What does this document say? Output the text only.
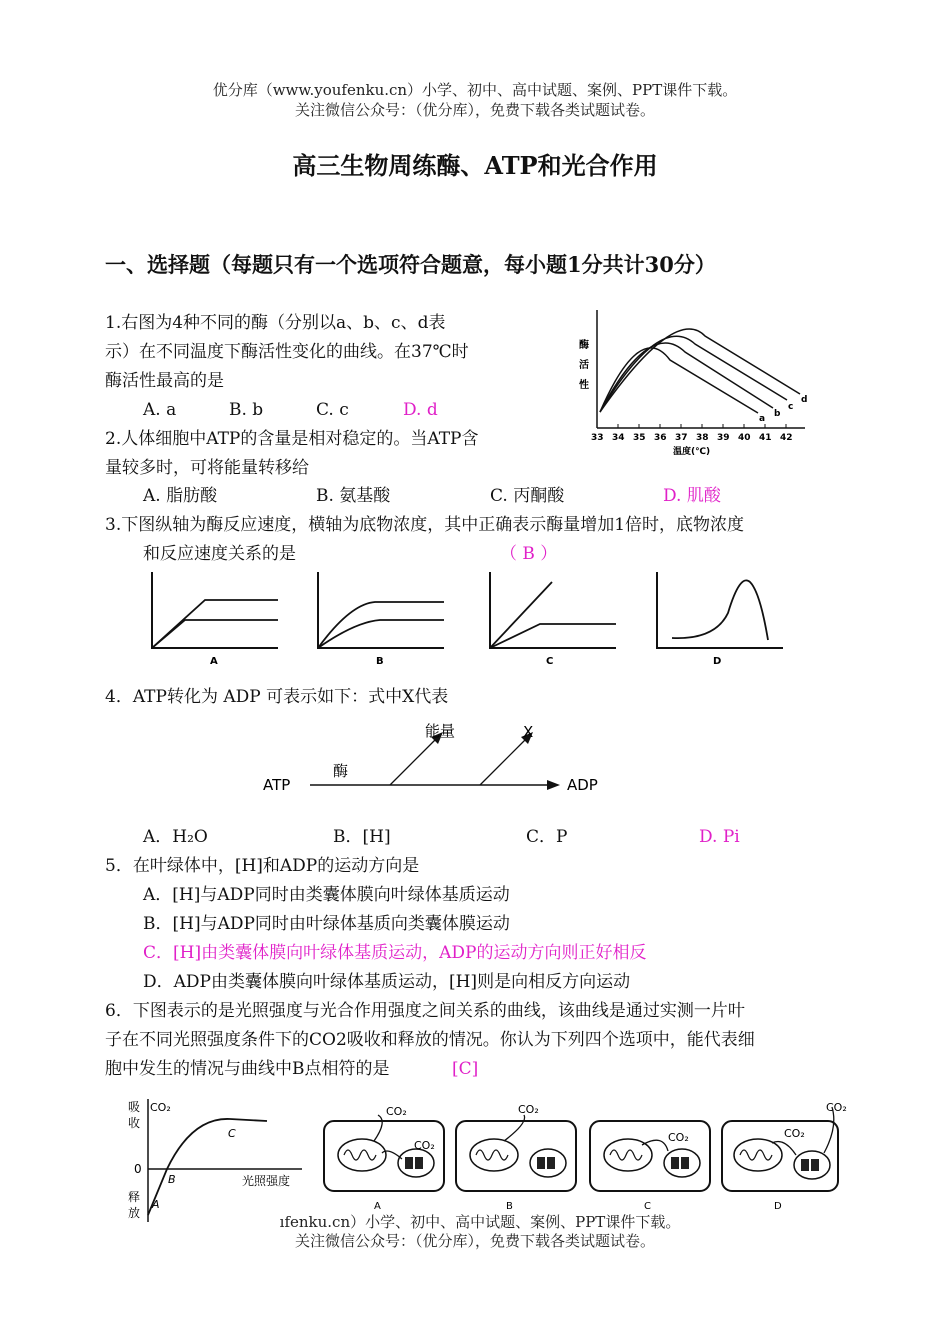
优分库（www.youfenku.cn）小学、初中、高中试题、案例、PPT课件下载。
关注微信公众号：（优分库），免费下载各类试题试卷。
高三生物周练酶、ATP和光合作用
一、选择题（每题只有一个选项符合题意，每小题1分共计30分）
1.右图为4种不同的酶（分别以a、b、c、d表
示）在不同温度下酶活性变化的曲线。在37℃时
酶活性最高的是
A. a	B. b	C. c	D. d
酶
活
性
33 34 35 36 37 38 39 40 41 42
温度(℃)
a b
c
d
2.人体细胞中ATP的含量是相对稳定的。当ATP含
量较多时，可将能量转移给
A. 脂肪酸	B. 氨基酸	C. 丙酮酸	D. 肌酸
3.下图纵轴为酶反应速度，横轴为底物浓度，其中正确表示酶量增加1倍时，底物浓度
和反应速度关系的是	（ B ）
A	B	C	D
4．ATP转化为 ADP 可表示如下：式中X代表
ATP	ADP
酶
能量	X
A．H₂O	B．[H]	C．P	D. Pi
5．在叶绿体中，[H]和ADP的运动方向是
A．[H]与ADP同时由类囊体膜向叶绿体基质运动
B．[H]与ADP同时由叶绿体基质向类囊体膜运动
C．[H]由类囊体膜向叶绿体基质运动，ADP的运动方向则正好相反
D．ADP由类囊体膜向叶绿体基质运动，[H]则是向相反方向运动
6．下图表示的是光照强度与光合作用强度之间关系的曲线，该曲线是通过实测一片叶
子在不同光照强度条件下的CO2吸收和释放的情况。你认为下列四个选项中，能代表细
胞中发生的情况与曲线中B点相符的是	[C]
吸
收
CO₂
0
释
放
光照强度
A
B
C
CO₂
CO₂
A
CO₂
B
CO₂
C
CO₂
CO₂
D
ıfenku.cn）小学、初中、高中试题、案例、PPT课件下载。
关注微信公众号：（优分库），免费下载各类试题试卷。
